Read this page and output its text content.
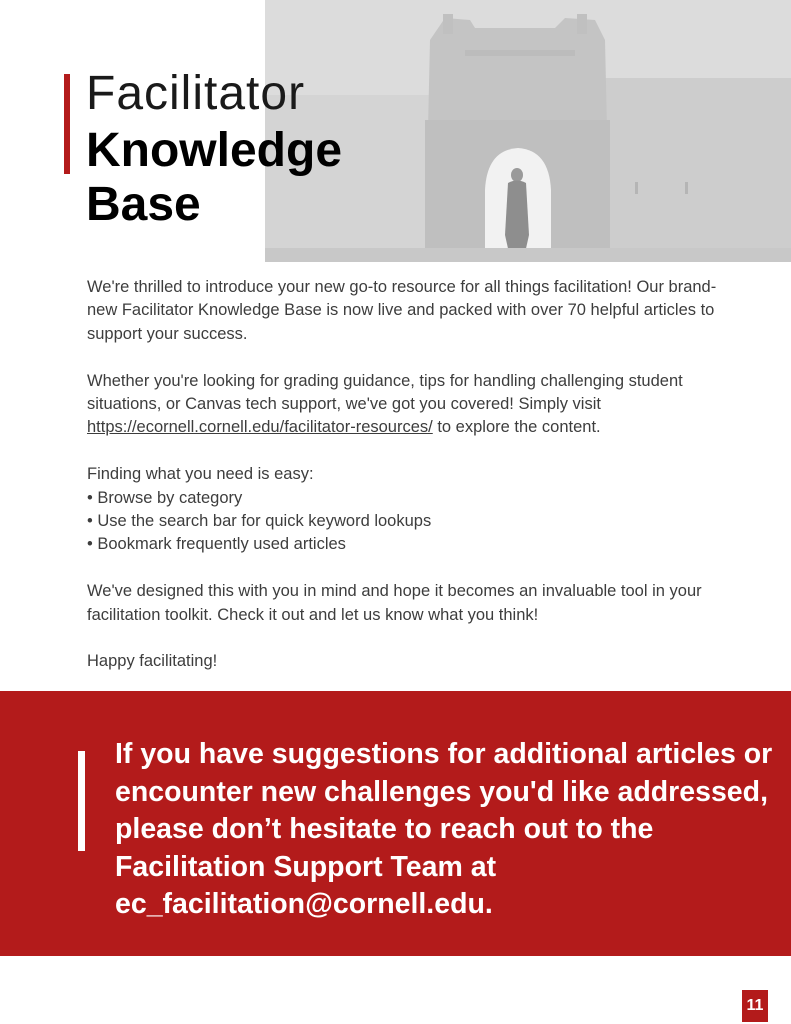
Facilitator
Knowledge Base

We're thrilled to introduce your new go-to resource for all things facilitation! Our brand-new Facilitator Knowledge Base is now live and packed with over 70 helpful articles to support your success.

Whether you're looking for grading guidance, tips for handling challenging student situations, or Canvas tech support, we've got you covered! Simply visit https://ecornell.cornell.edu/facilitator-resources/ to explore the content.

Finding what you need is easy:
• Browse by category
• Use the search bar for quick keyword lookups
• Bookmark frequently used articles

We've designed this with you in mind and hope it becomes an invaluable tool in your facilitation toolkit. Check it out and let us know what you think!

Happy facilitating!

If you have suggestions for additional articles or encounter new challenges you'd like addressed, please don’t hesitate to reach out to the Facilitation Support Team at ec_facilitation@cornell.edu.
11
